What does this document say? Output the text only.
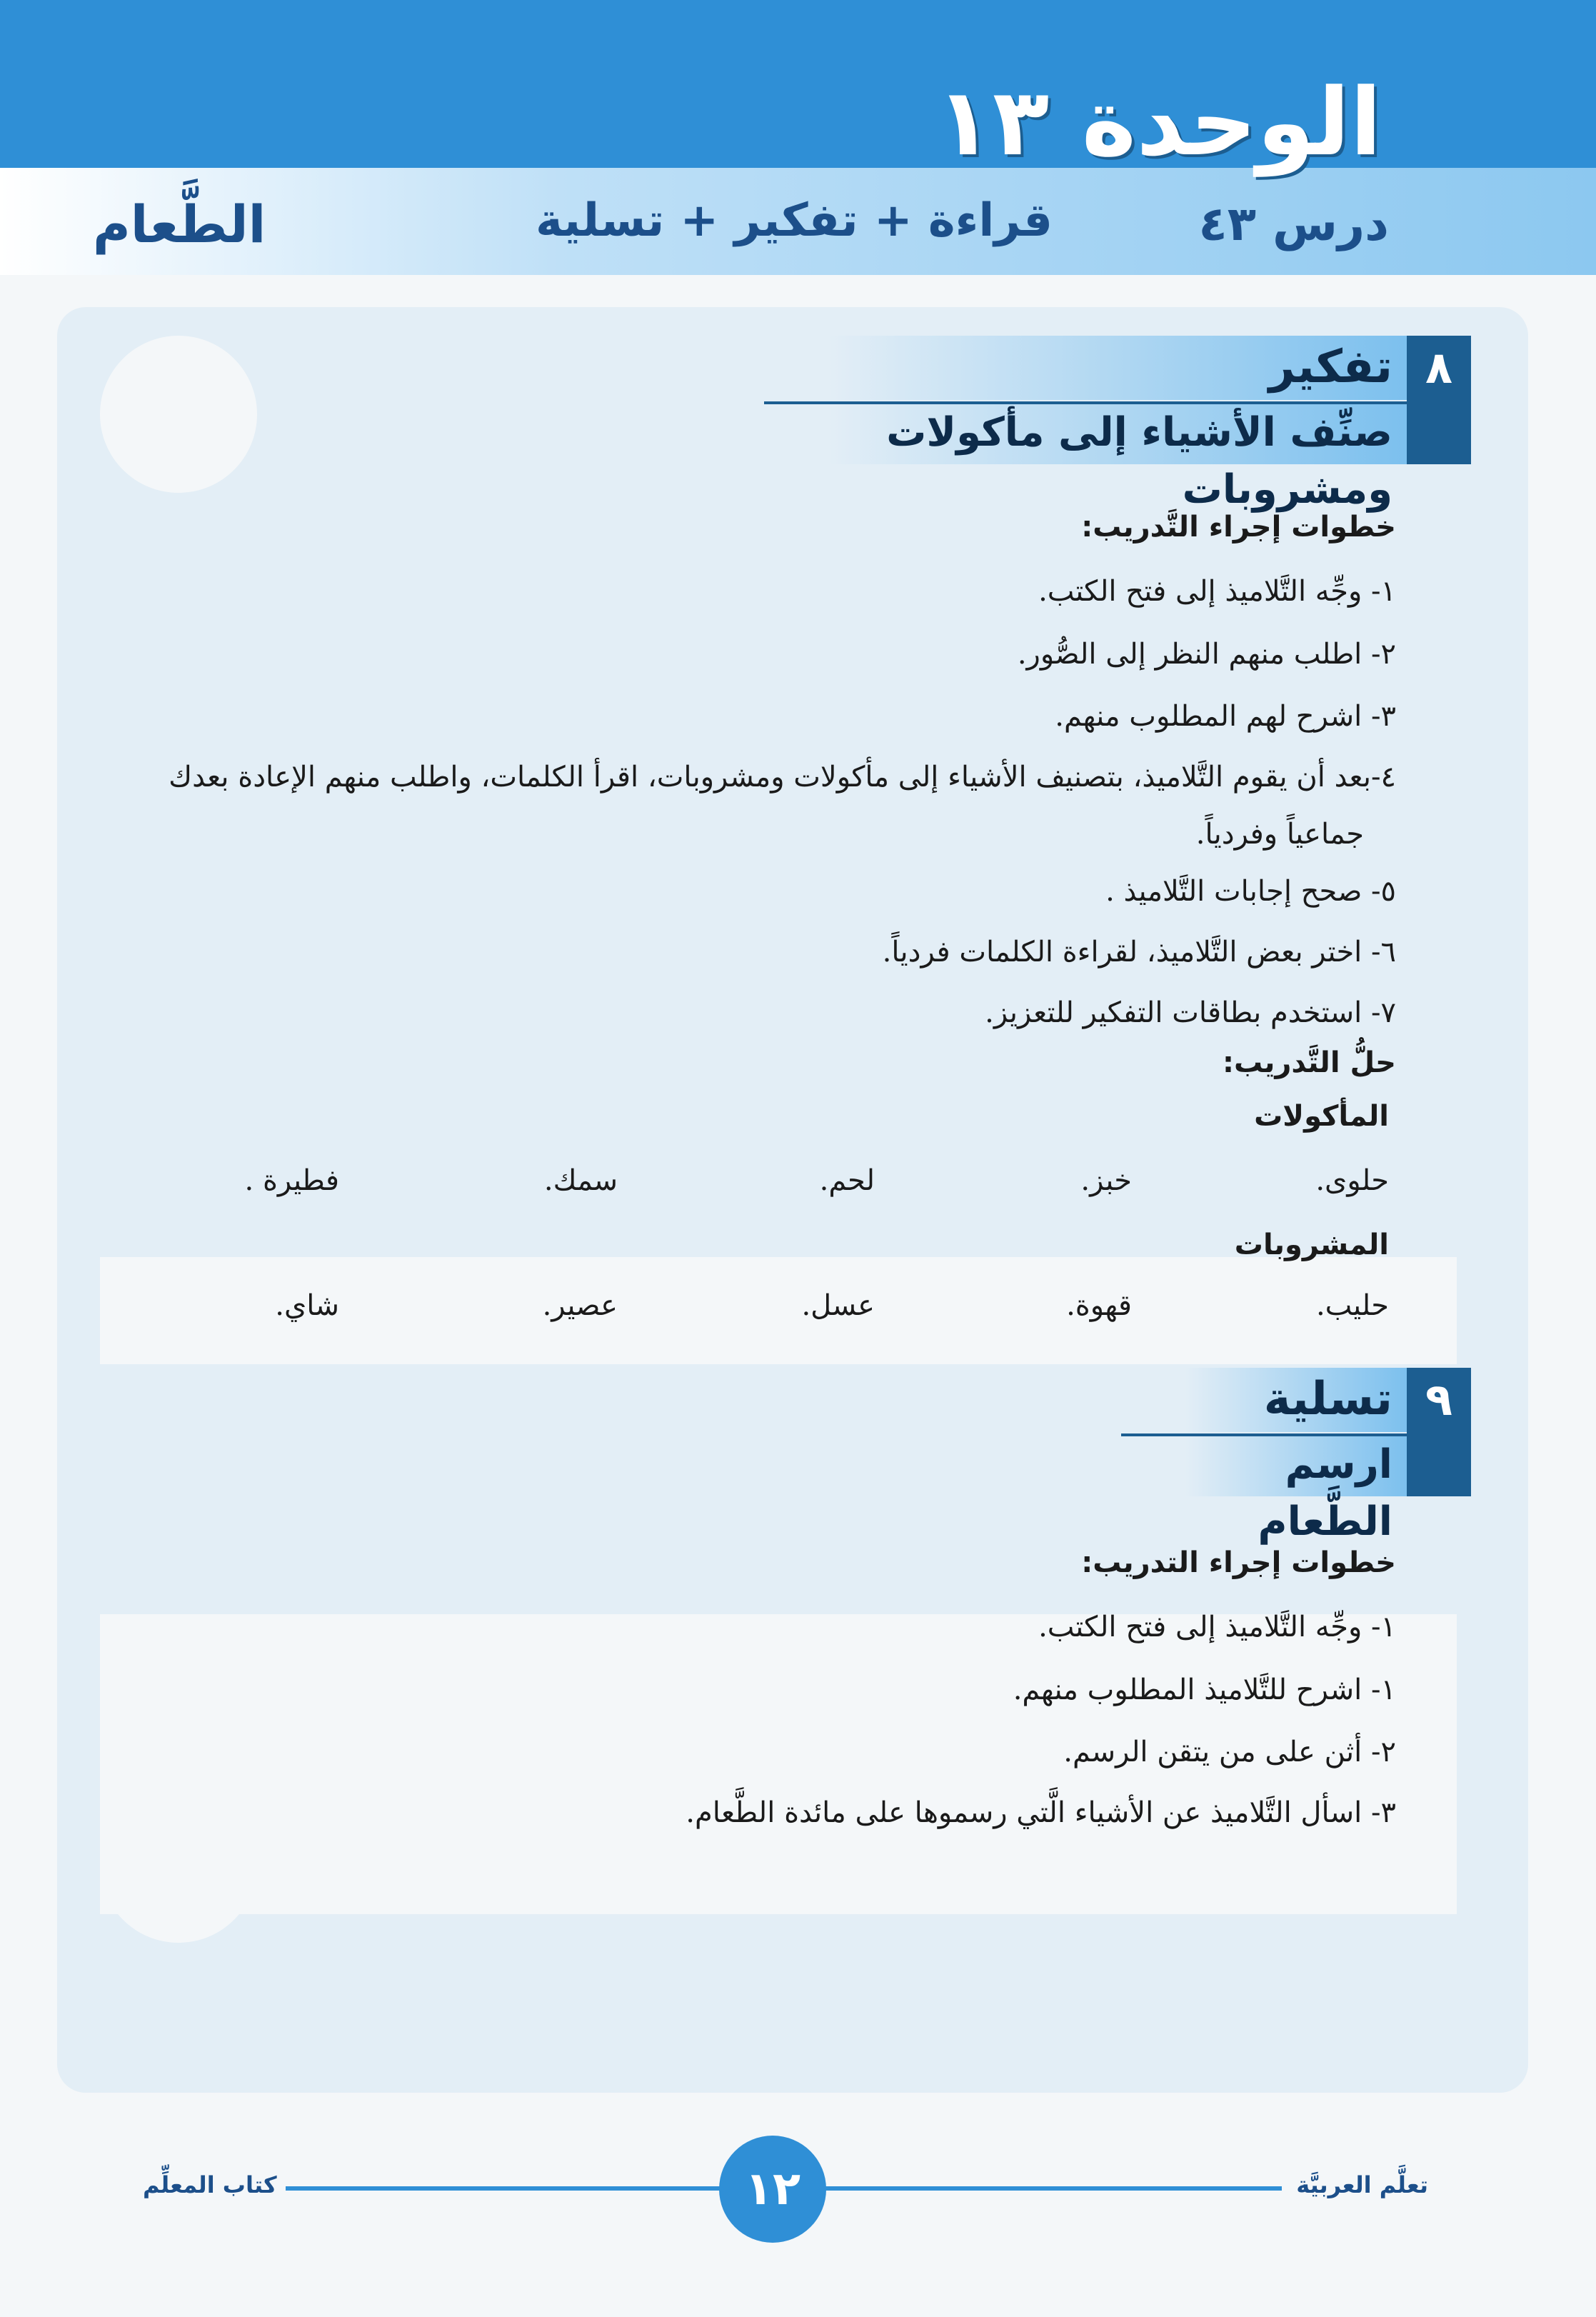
الوحدة ١٣
درس ٤٣
قراءة + تفكير + تسلية
الطَّعام
تفكير
صنِّف الأشياء إلى مأكولات ومشروبات
٨
خطوات إجراء التَّدريب:
١- وجِّه التَّلاميذ إلى فتح الكتب.
٢- اطلب منهم النظر إلى الصُّور.
٣- اشرح لهم المطلوب منهم.
٤-بعد أن يقوم التَّلاميذ، بتصنيف الأشياء إلى مأكولات ومشروبات، اقرأ الكلمات، واطلب منهم الإعادة بعدك
جماعياً وفردياً.
٥- صحح إجابات التَّلاميذ .
٦- اختر بعض التَّلاميذ، لقراءة الكلمات فردياً.
٧- استخدم بطاقات التفكير للتعزيز.
حلُّ التَّدريب:
المأكولات
المشروبات
حلوى.
خبز.
لحم.
سمك.
فطيرة .
حليب.
قهوة.
عسل.
عصير.
شاي.
تسلية
ارسم الطَّعام
٩
خطوات إجراء التدريب:
١- وجِّه التَّلاميذ إلى فتح الكتب.
١- اشرح للتَّلاميذ المطلوب منهم.
٢- أثن على من يتقن الرسم.
٣- اسأل التَّلاميذ عن الأشياء الَّتي رسموها على مائدة الطَّعام.
١٢	تعلَّم العربيَّة
كتاب المعلِّم
